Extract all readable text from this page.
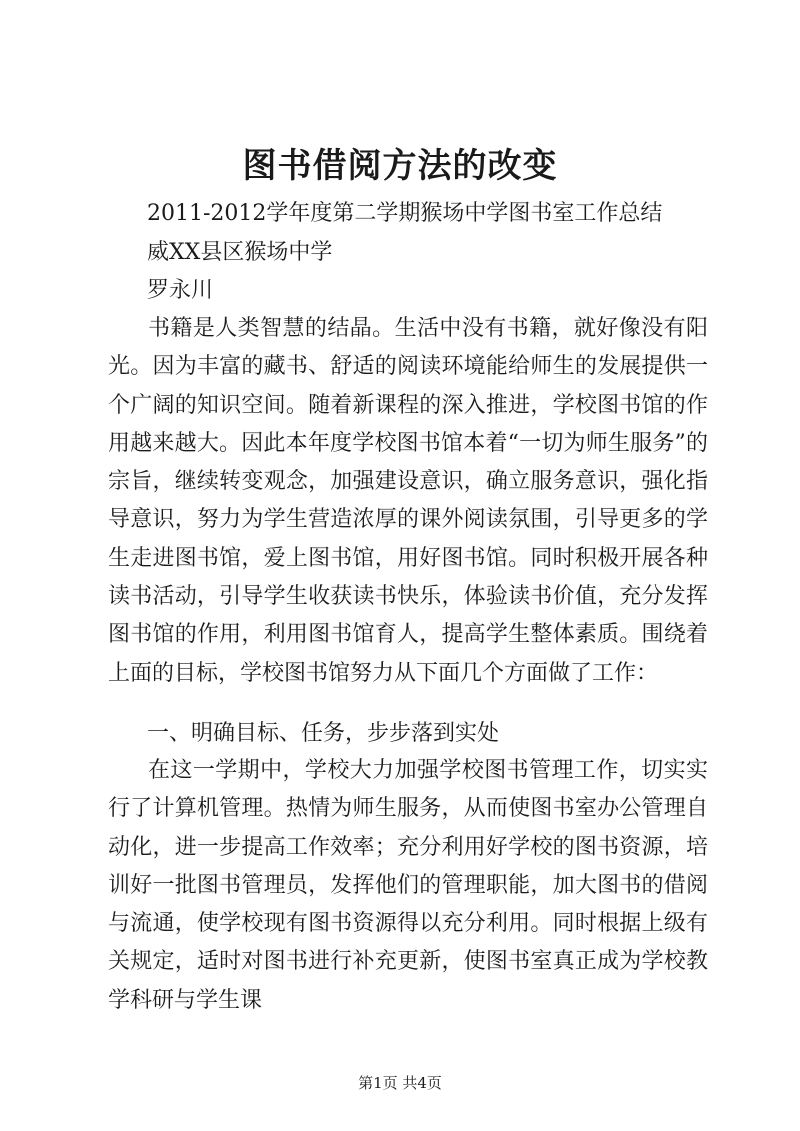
图书借阅方法的改变
2011-2012学年度第二学期猴场中学图书室工作总结
威XX县区猴场中学
罗永川

书籍是人类智慧的结晶。生活中没有书籍，就好像没有阳光。因为丰富的藏书、舒适的阅读环境能给师生的发展提供一个广阔的知识空间。随着新课程的深入推进，学校图书馆的作用越来越大。因此本年度学校图书馆本着“一切为师生服务”的宗旨，继续转变观念，加强建设意识，确立服务意识，强化指导意识，努力为学生营造浓厚的课外阅读氛围，引导更多的学生走进图书馆，爱上图书馆，用好图书馆。同时积极开展各种读书活动，引导学生收获读书快乐，体验读书价值，充分发挥图书馆的作用，利用图书馆育人，提高学生整体素质。围绕着上面的目标，学校图书馆努力从下面几个方面做了工作：

一、明确目标、任务，步步落到实处

在这一学期中，学校大力加强学校图书管理工作，切实实行了计算机管理。热情为师生服务，从而使图书室办公管理自动化，进一步提高工作效率；充分利用好学校的图书资源，培训好一批图书管理员，发挥他们的管理职能，加大图书的借阅与流通，使学校现有图书资源得以充分利用。同时根据上级有关规定，适时对图书进行补充更新，使图书室真正成为学校教学科研与学生课

第1页 共4页
